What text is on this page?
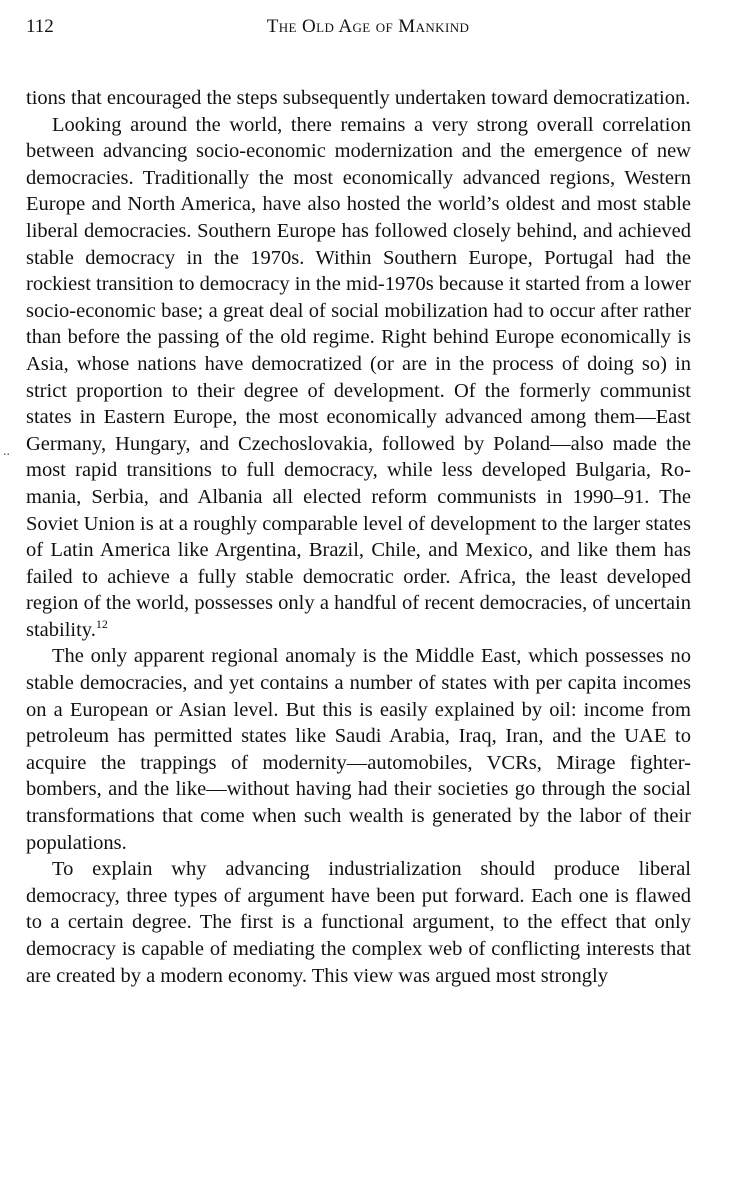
112	The Old Age of Mankind
..

tions that encouraged the steps subsequently undertaken toward democratization.

Looking around the world, there remains a very strong overall correlation between advancing socio-economic modernization and the emergence of new democracies. Traditionally the most economically advanced regions, Western Europe and North America, have also hosted the world’s oldest and most stable liberal democracies. Southern Europe has followed closely behind, and achieved stable democracy in the 1970s. Within Southern Europe, Portugal had the rockiest transition to democracy in the mid-1970s because it started from a lower socio-economic base; a great deal of social mobilization had to occur after rather than before the passing of the old regime. Right behind Europe economically is Asia, whose nations have democratized (or are in the process of doing so) in strict proportion to their degree of development. Of the formerly communist states in Eastern Europe, the most economically advanced among them—East Germany, Hungary, and Czechoslovakia, followed by Poland—also made the most rapid transitions to full democracy, while less developed Bulgaria, Romania, Serbia, and Albania all elected reform communists in 1990–91. The Soviet Union is at a roughly comparable level of development to the larger states of Latin America like Argentina, Brazil, Chile, and Mexico, and like them has failed to achieve a fully stable democratic order. Africa, the least developed region of the world, possesses only a handful of recent democracies, of uncertain stability.$^{12}$

The only apparent regional anomaly is the Middle East, which possesses no stable democracies, and yet contains a number of states with per capita incomes on a European or Asian level. But this is easily explained by oil: income from petroleum has permitted states like Saudi Arabia, Iraq, Iran, and the UAE to acquire the trappings of modernity—automobiles, VCRs, Mirage fighter-bombers, and the like—without having had their societies go through the social transformations that come when such wealth is generated by the labor of their populations.

To explain why advancing industrialization should produce liberal democracy, three types of argument have been put forward. Each one is flawed to a certain degree. The first is a functional argument, to the effect that only democracy is capable of mediating the complex web of conflicting interests that are created by a modern economy. This view was argued most strongly
